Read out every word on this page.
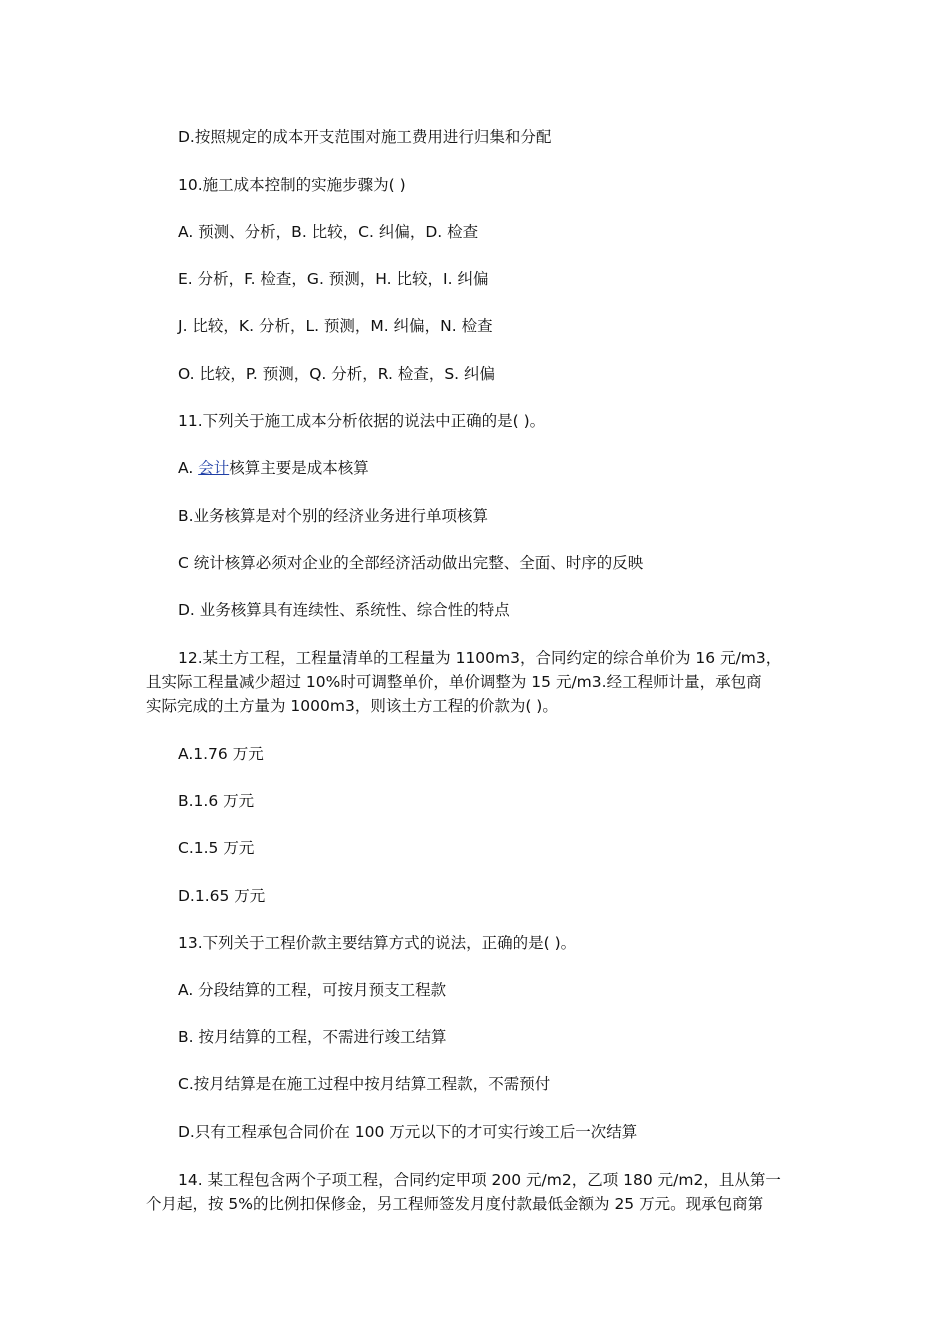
D.按照规定的成本开支范围对施工费用进行归集和分配
10.施工成本控制的实施步骤为( )
A. 预测、分析，B. 比较，C. 纠偏，D. 检查
E. 分析，F. 检查，G. 预测，H. 比较，I. 纠偏
J. 比较，K. 分析，L. 预测，M. 纠偏，N. 检查
O. 比较，P. 预测，Q. 分析，R. 检查，S. 纠偏
11.下列关于施工成本分析依据的说法中正确的是( )。
A. 会计核算主要是成本核算
B.业务核算是对个别的经济业务进行单项核算
C 统计核算必须对企业的全部经济活动做出完整、全面、时序的反映
D. 业务核算具有连续性、系统性、综合性的特点
12.某土方工程，工程量清单的工程量为 1100m3，合同约定的综合单价为 16 元/m3，
且实际工程量减少超过 10%时可调整单价，单价调整为 15 元/m3.经工程师计量，承包商
实际完成的土方量为 1000m3，则该土方工程的价款为( )。
A.1.76 万元
B.1.6 万元
C.1.5 万元
D.1.65 万元
13.下列关于工程价款主要结算方式的说法，正确的是( )。
A. 分段结算的工程，可按月预支工程款
B. 按月结算的工程，不需进行竣工结算
C.按月结算是在施工过程中按月结算工程款，不需预付
D.只有工程承包合同价在 100 万元以下的才可实行竣工后一次结算
14. 某工程包含两个子项工程，合同约定甲项 200 元/m2，乙项 180 元/m2，且从第一
个月起，按 5%的比例扣保修金，另工程师签发月度付款最低金额为 25 万元。现承包商第
